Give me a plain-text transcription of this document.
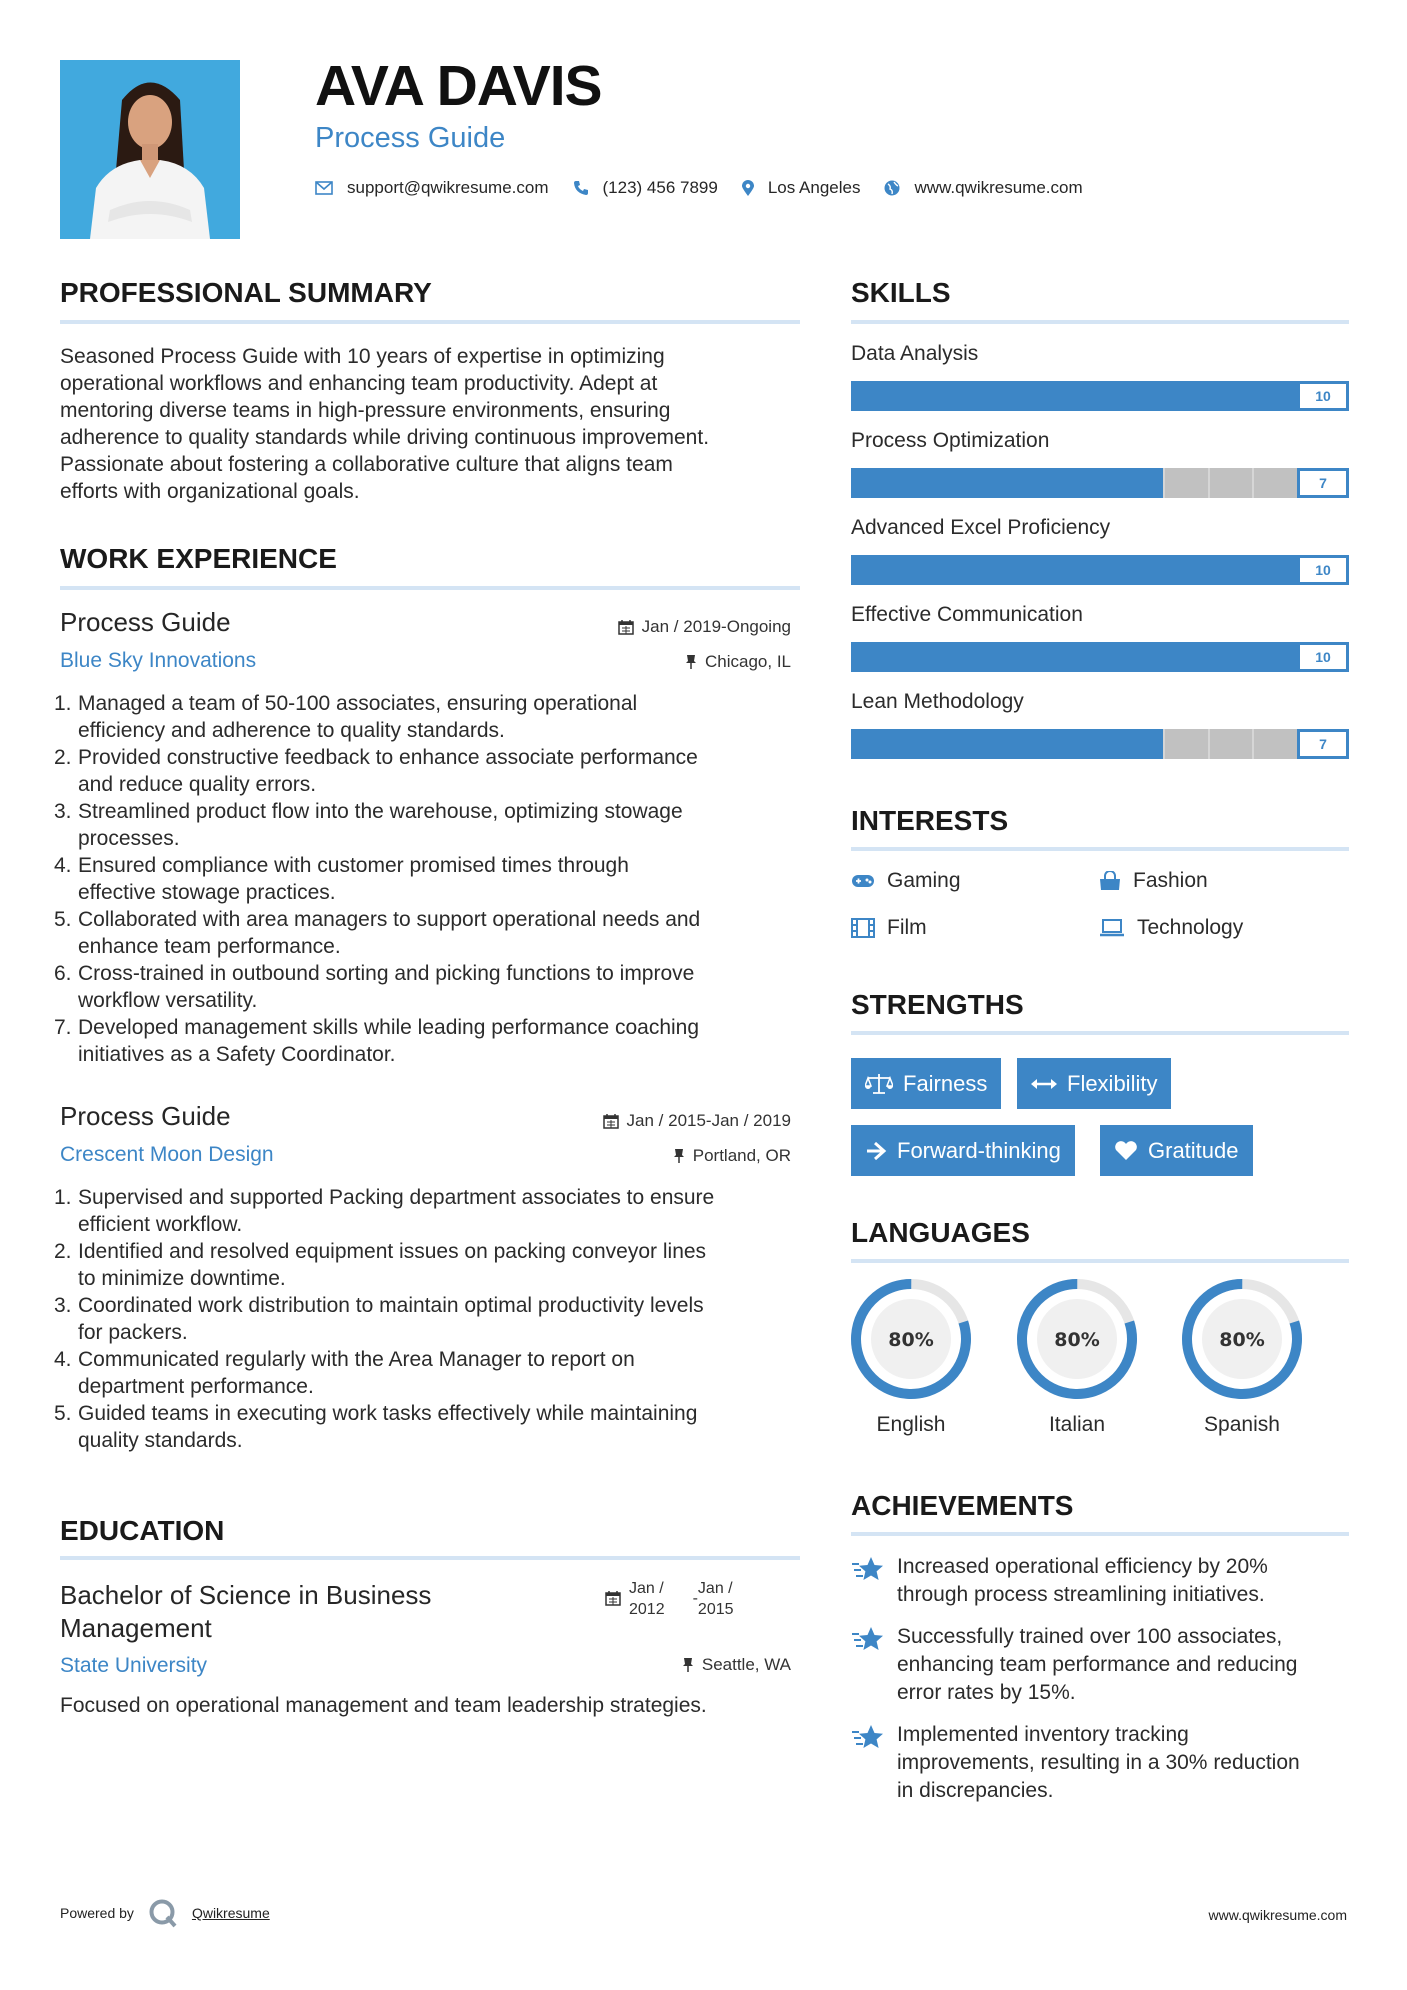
AVA DAVIS
Process Guide
support@qwikresume.com	(123) 456 7899	Los Angeles	www.qwikresume.com
PROFESSIONAL SUMMARY
Seasoned Process Guide with 10 years of expertise in optimizing
operational workflows and enhancing team productivity. Adept at
mentoring diverse teams in high-pressure environments, ensuring
adherence to quality standards while driving continuous improvement.
Passionate about fostering a collaborative culture that aligns team
efforts with organizational goals.
WORK EXPERIENCE
Process Guide	Jan / 2019-Ongoing
Blue Sky Innovations	Chicago, IL
1. Managed a team of 50-100 associates, ensuring operational
efficiency and adherence to quality standards.
2. Provided constructive feedback to enhance associate performance
and reduce quality errors.
3. Streamlined product flow into the warehouse, optimizing stowage
processes.
4. Ensured compliance with customer promised times through
effective stowage practices.
5. Collaborated with area managers to support operational needs and
enhance team performance.
6. Cross-trained in outbound sorting and picking functions to improve
workflow versatility.
7. Developed management skills while leading performance coaching
initiatives as a Safety Coordinator.
Process Guide	Jan / 2015-Jan / 2019
Crescent Moon Design	Portland, OR
1. Supervised and supported Packing department associates to ensure
efficient workflow.
2. Identified and resolved equipment issues on packing conveyor lines
to minimize downtime.
3. Coordinated work distribution to maintain optimal productivity levels
for packers.
4. Communicated regularly with the Area Manager to report on
department performance.
5. Guided teams in executing work tasks effectively while maintaining
quality standards.
EDUCATION
Bachelor of Science in Business
Management
Jan /
2012
-
Jan /
2015
State University	Seattle, WA
Focused on operational management and team leadership strategies.
SKILLS
Data Analysis
10
Process Optimization
7
Advanced Excel Proficiency
10
Effective Communication
10
Lean Methodology
7
INTERESTS
Gaming	Fashion
Film	Technology
STRENGTHS
Fairness	Flexibility
Forward-thinking	Gratitude
LANGUAGES
80%
English
80%
Italian
80%
Spanish
ACHIEVEMENTS
Increased operational efficiency by 20%
through process streamlining initiatives.
Successfully trained over 100 associates,
enhancing team performance and reducing
error rates by 15%.
Implemented inventory tracking
improvements, resulting in a 30% reduction
in discrepancies.
Powered by	Qwikresume	www.qwikresume.com
